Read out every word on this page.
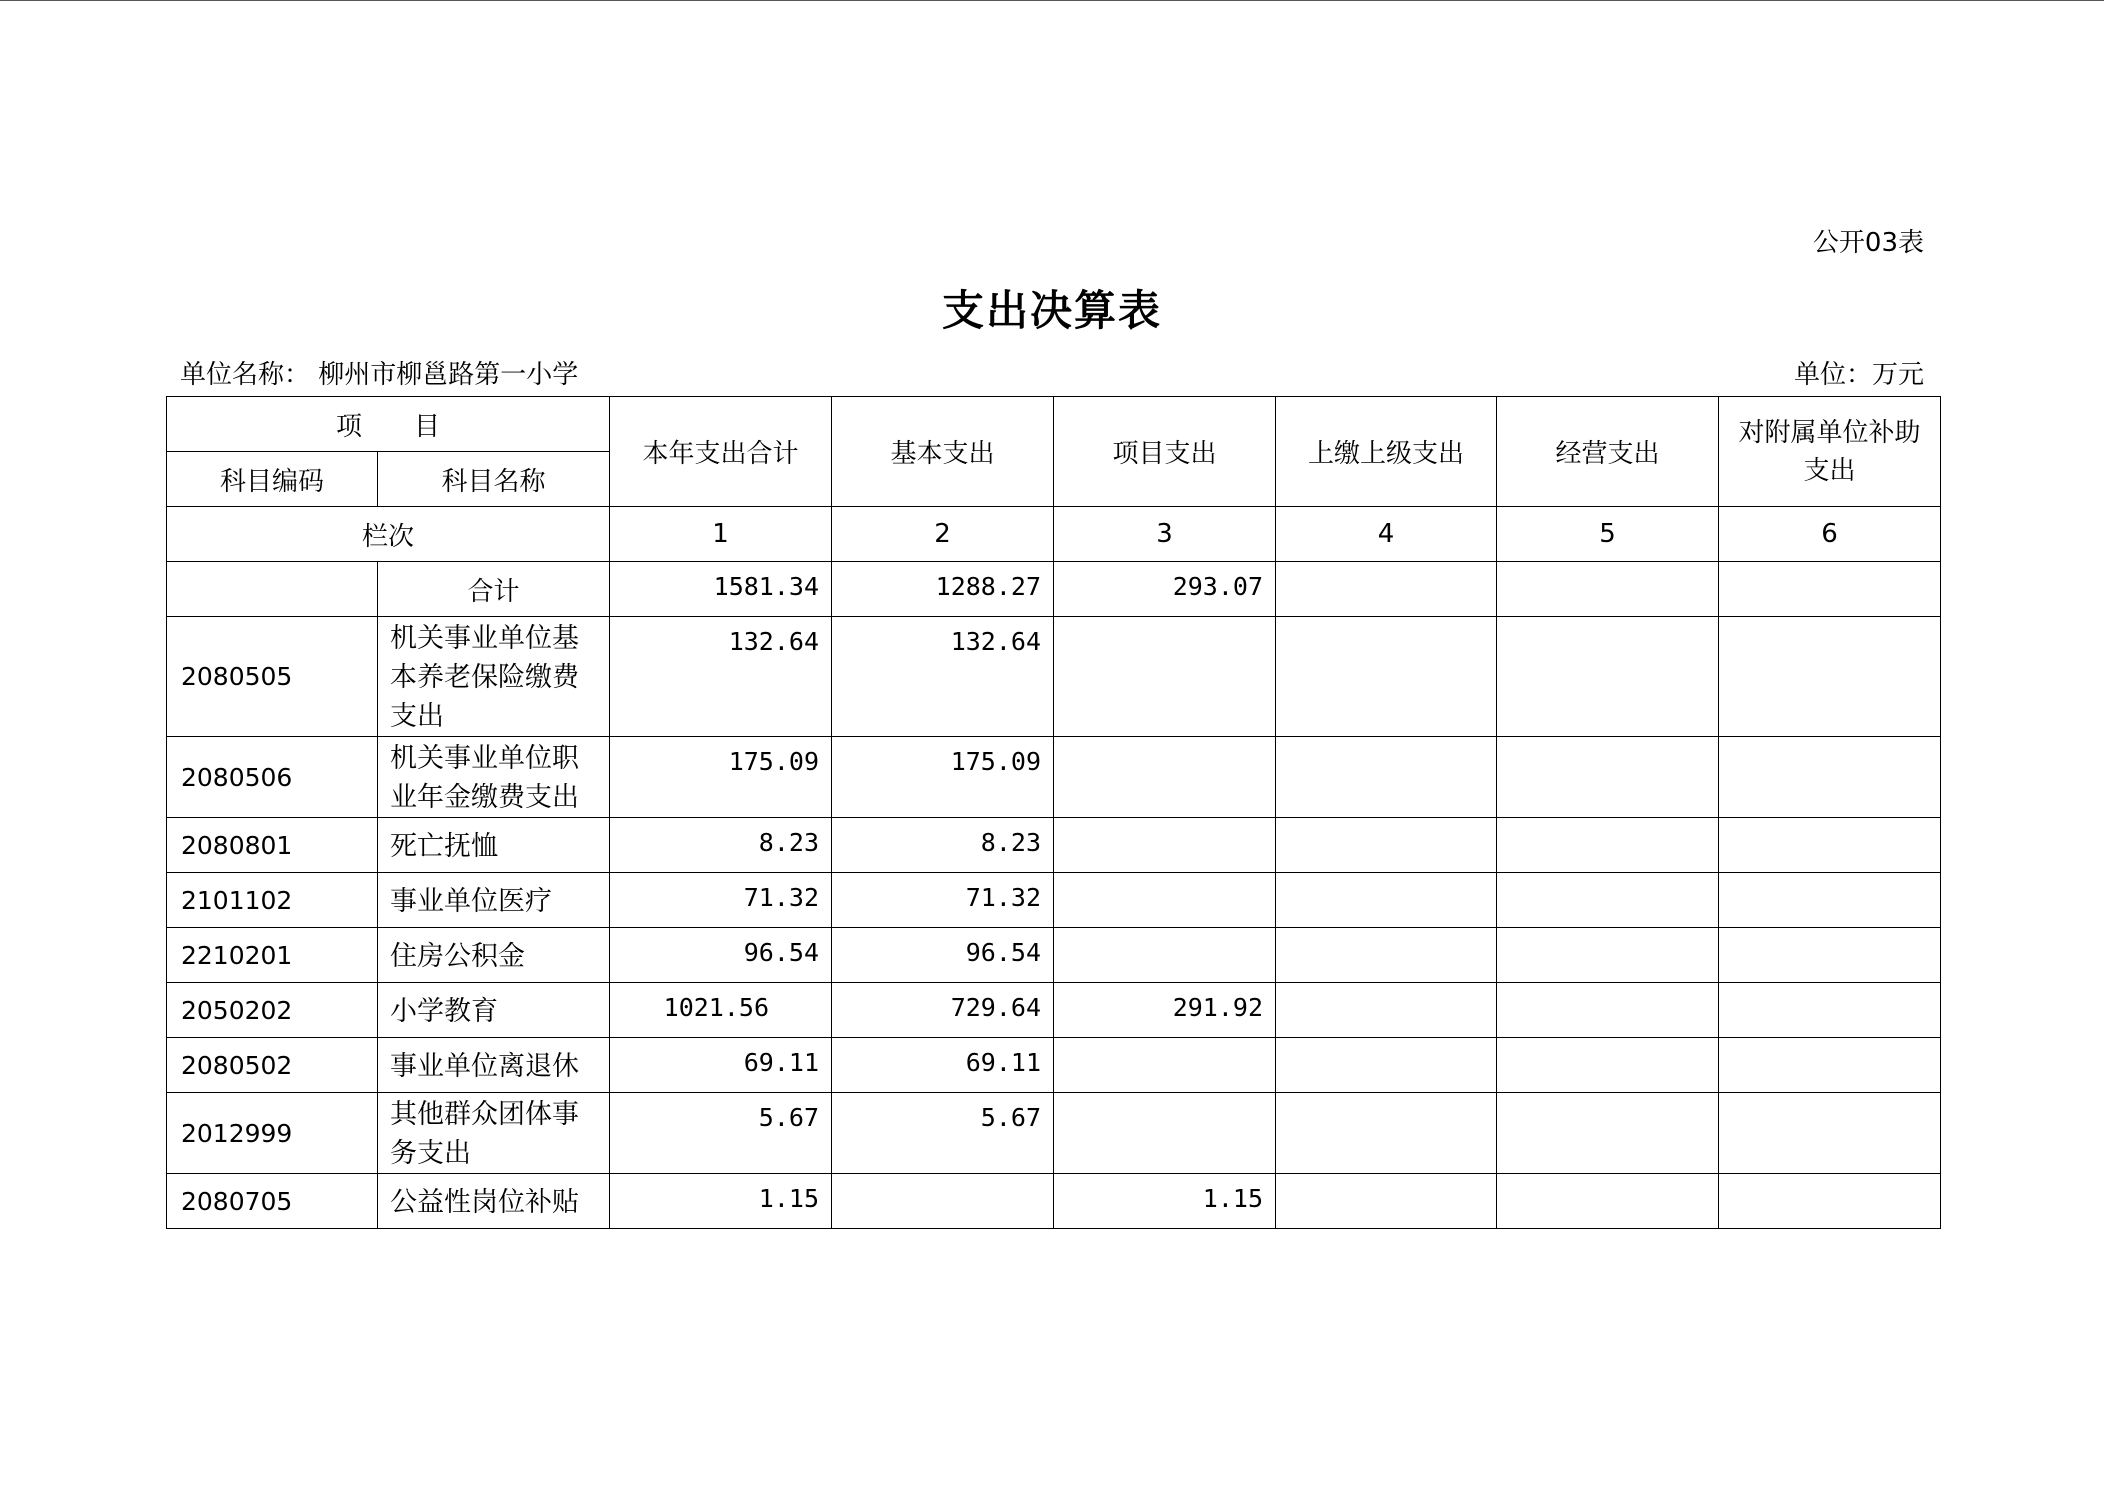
公开03表
支出决算表
单位名称： 柳州市柳邕路第一小学	单位：万元
项　　目		本年支出合计	基本支出	项目支出	上缴上级支出	经营支出	对附属单位补助支出
科目编码	科目名称						
栏次		1	2	3	4	5	6
	合计	1581.34	1288.27	293.07			
2080505	机关事业单位基本养老保险缴费支出	132.64	132.64				
2080506	机关事业单位职业年金缴费支出	175.09	175.09				
2080801	死亡抚恤	8.23	8.23				
2101102	事业单位医疗	71.32	71.32				
2210201	住房公积金	96.54	96.54				
2050202	小学教育	1021.56	729.64	291.92			
2080502	事业单位离退休	69.11	69.11				
2012999	其他群众团体事务支出	5.67	5.67				
2080705	公益性岗位补贴	1.15		1.15			
